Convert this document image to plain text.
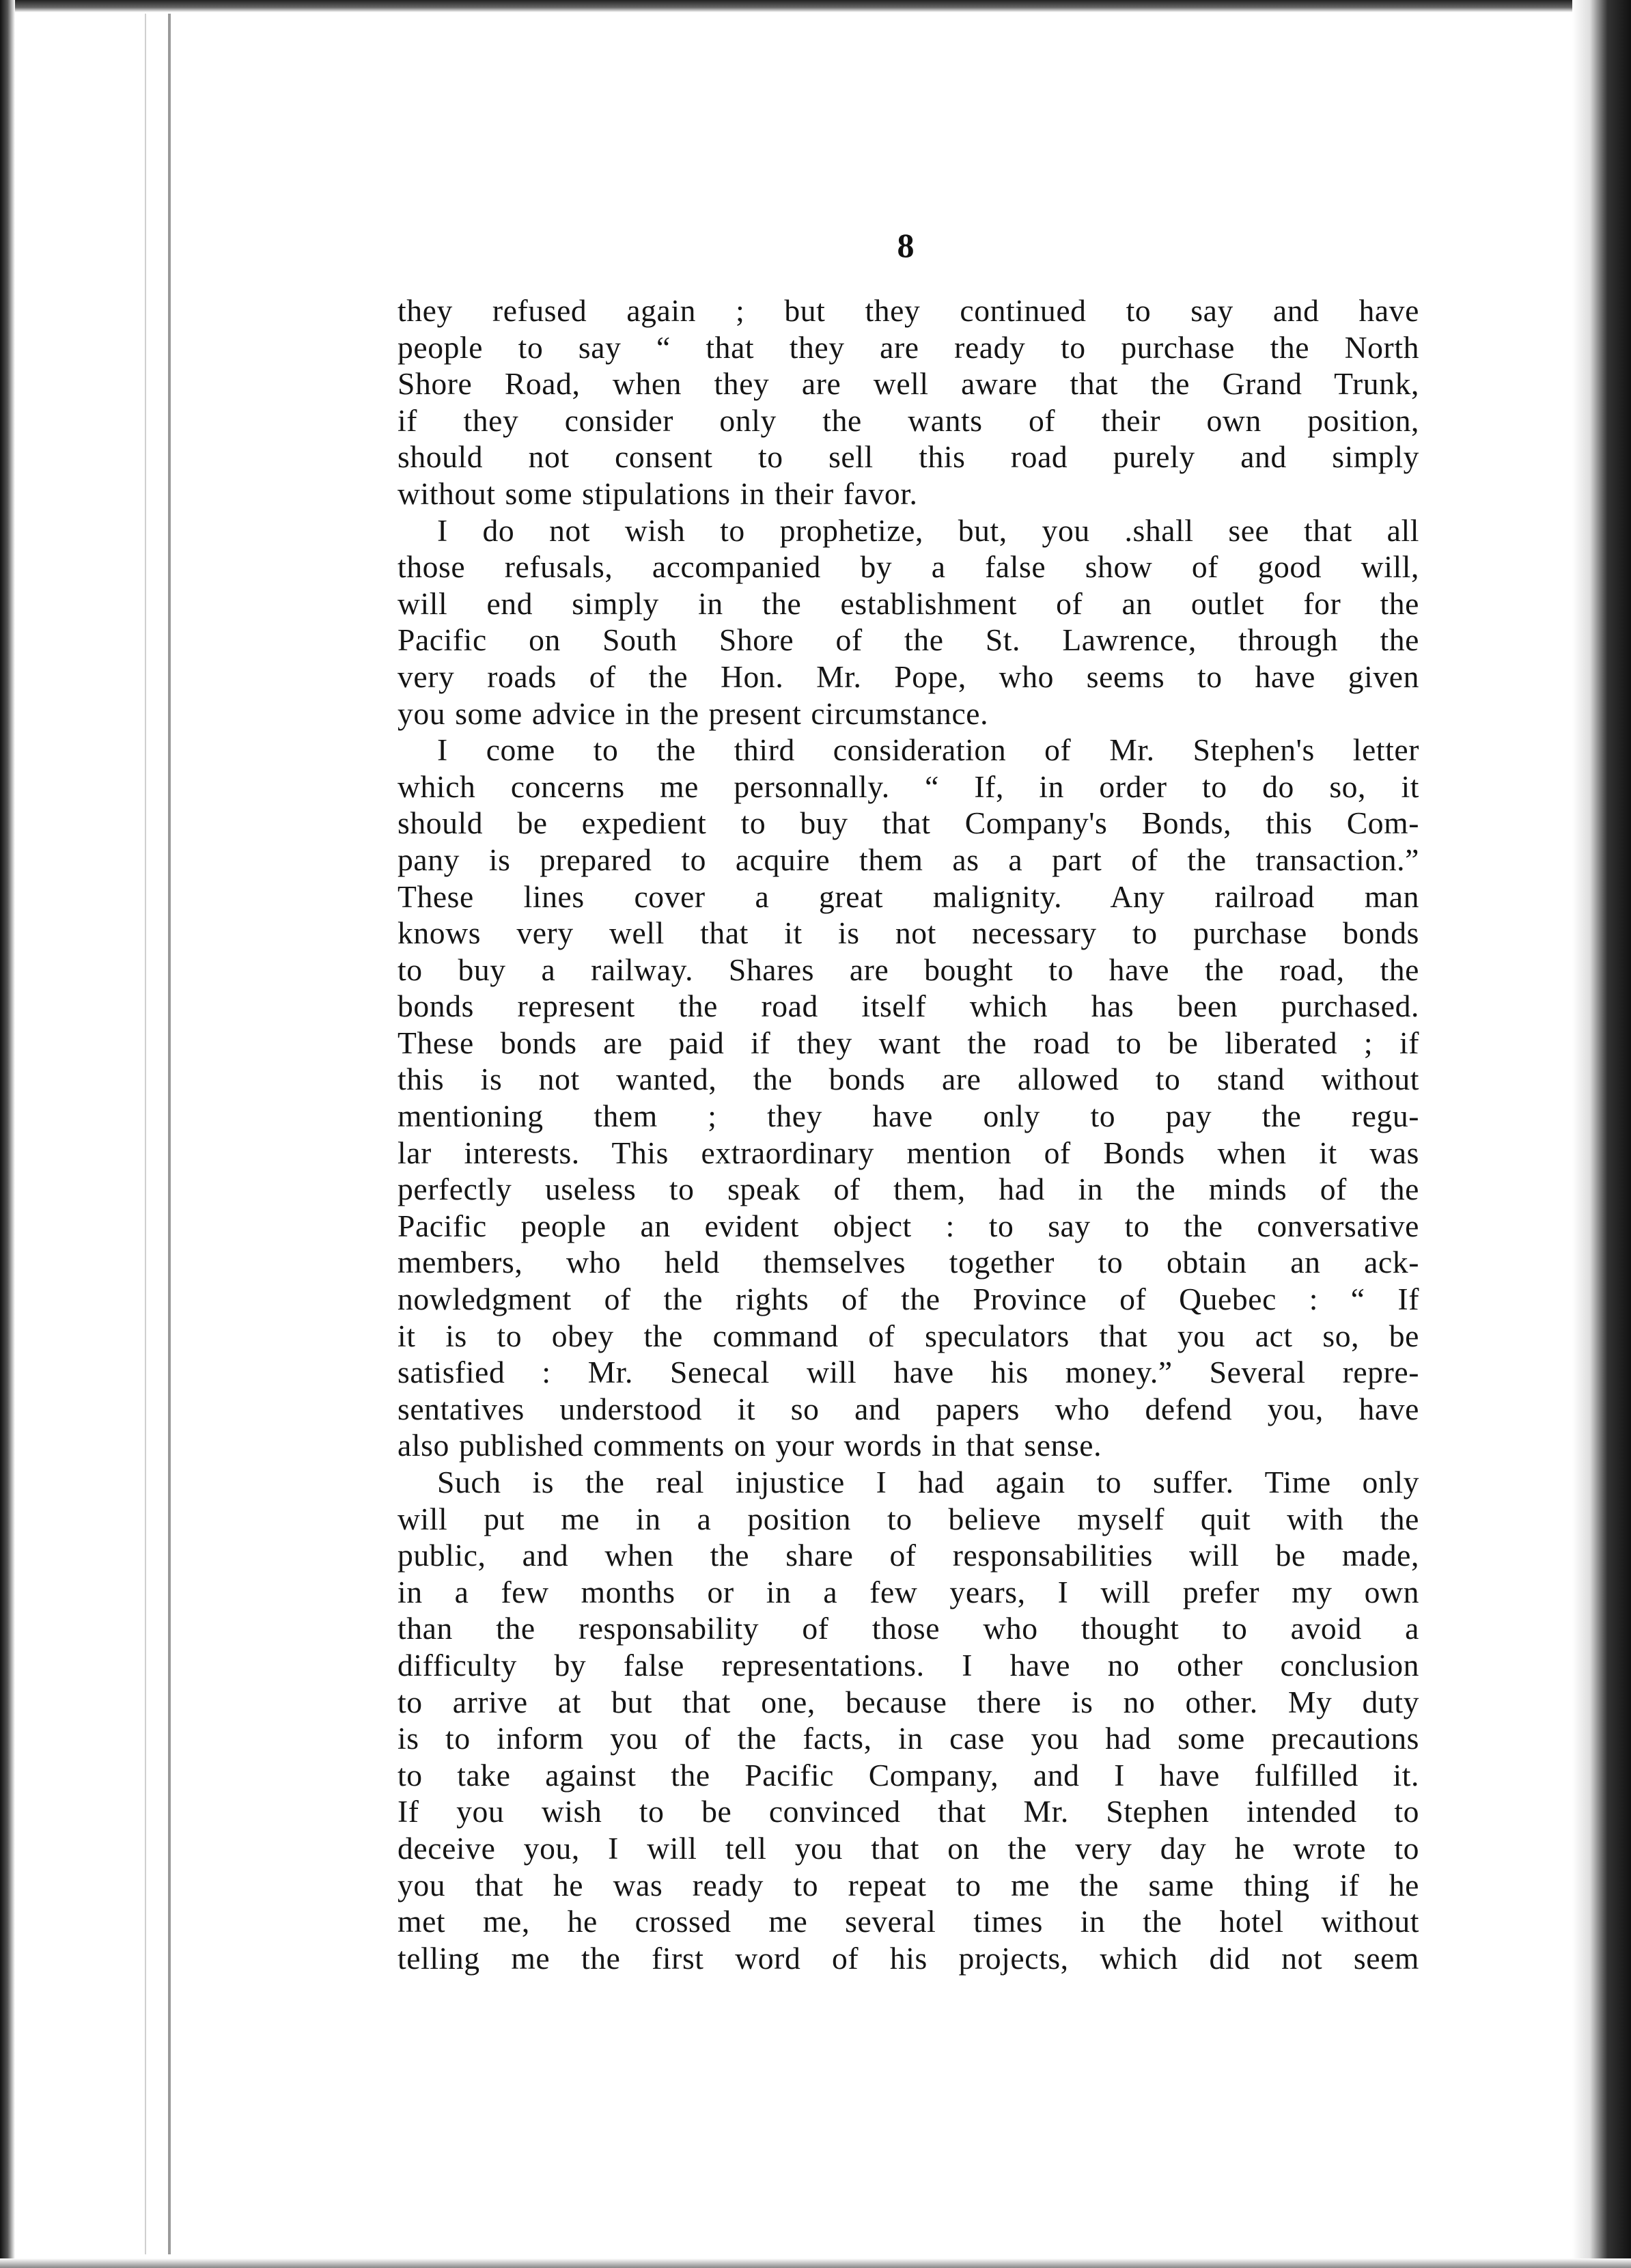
8
they refused again ; but they continued to say and have
people to say “ that they are ready to purchase the North
Shore Road, when they are well aware that the Grand Trunk,
if they consider only the wants of their own position,
should not consent to sell this road purely and simply
without some stipulations in their favor.
I do not wish to prophetize, but, you .shall see that all
those refusals, accompanied by a false show of good will,
will end simply in the establishment of an outlet for the
Pacific on South Shore of the St. Lawrence, through the
very roads of the Hon. Mr. Pope, who seems to have given
you some advice in the present circumstance.
I come to the third consideration of Mr. Stephen's letter
which concerns me personnally. “ If, in order to do so, it
should be expedient to buy that Company's Bonds, this Com-
pany is prepared to acquire them as a part of the transaction.”
These lines cover a great malignity. Any railroad man
knows very well that it is not necessary to purchase bonds
to buy a railway. Shares are bought to have the road, the
bonds represent the road itself which has been purchased.
These bonds are paid if they want the road to be liberated ; if
this is not wanted, the bonds are allowed to stand without
mentioning them ; they have only to pay the regu-
lar interests. This extraordinary mention of Bonds when it was
perfectly useless to speak of them, had in the minds of the
Pacific people an evident object : to say to the conversative
members, who held themselves together to obtain an ack-
nowledgment of the rights of the Province of Quebec : “ If
it is to obey the command of speculators that you act so, be
satisfied : Mr. Senecal will have his money.” Several repre-
sentatives understood it so and papers who defend you, have
also published comments on your words in that sense.
Such is the real injustice I had again to suffer. Time only
will put me in a position to believe myself quit with the
public, and when the share of responsabilities will be made,
in a few months or in a few years, I will prefer my own
than the responsability of those who thought to avoid a
difficulty by false representations. I have no other conclusion
to arrive at but that one, because there is no other. My duty
is to inform you of the facts, in case you had some precautions
to take against the Pacific Company, and I have fulfilled it.
If you wish to be convinced that Mr. Stephen intended to
deceive you, I will tell you that on the very day he wrote to
you that he was ready to repeat to me the same thing if he
met me, he crossed me several times in the hotel without
telling me the first word of his projects, which did not seem
